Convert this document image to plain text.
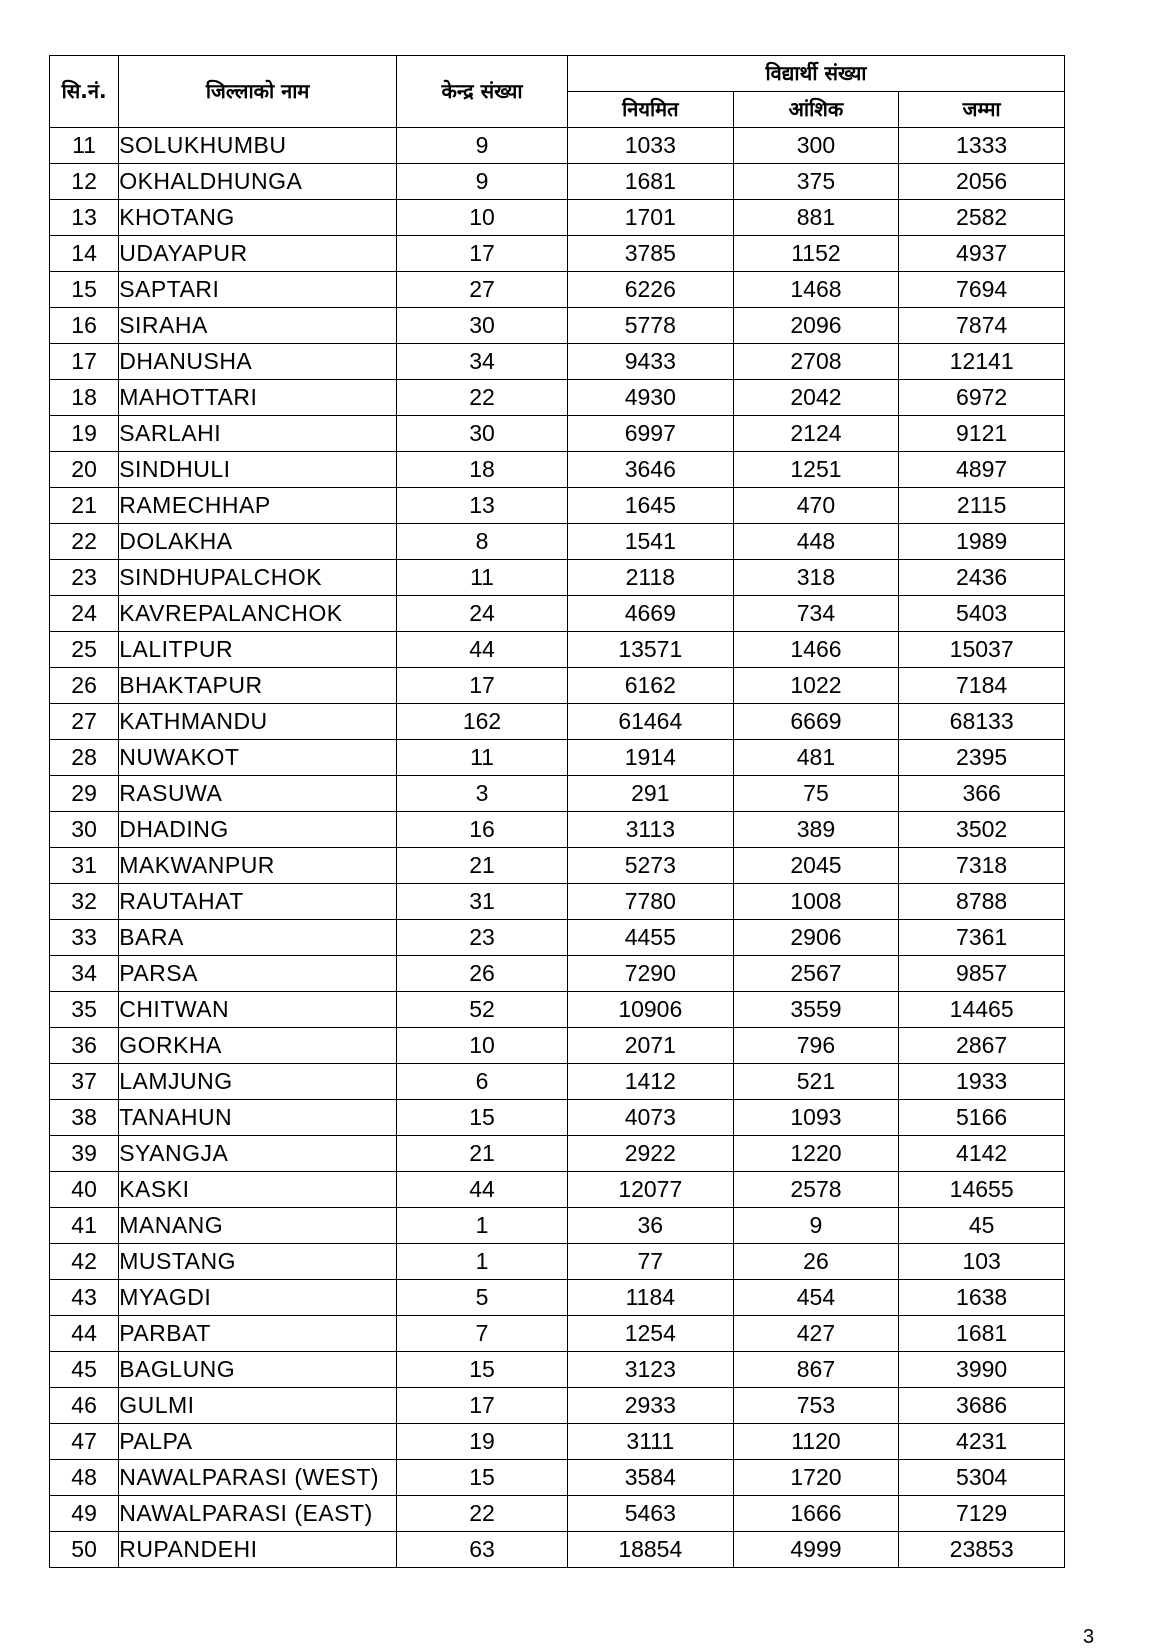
सि.नं.	जिल्लाको नाम	केन्द्र संख्या	विद्यार्थी संख्या		
			नियमित	आंशिक	जम्मा
11	SOLUKHUMBU	9	1033	300	1333
12	OKHALDHUNGA	9	1681	375	2056
13	KHOTANG	10	1701	881	2582
14	UDAYAPUR	17	3785	1152	4937
15	SAPTARI	27	6226	1468	7694
16	SIRAHA	30	5778	2096	7874
17	DHANUSHA	34	9433	2708	12141
18	MAHOTTARI	22	4930	2042	6972
19	SARLAHI	30	6997	2124	9121
20	SINDHULI	18	3646	1251	4897
21	RAMECHHAP	13	1645	470	2115
22	DOLAKHA	8	1541	448	1989
23	SINDHUPALCHOK	11	2118	318	2436
24	KAVREPALANCHOK	24	4669	734	5403
25	LALITPUR	44	13571	1466	15037
26	BHAKTAPUR	17	6162	1022	7184
27	KATHMANDU	162	61464	6669	68133
28	NUWAKOT	11	1914	481	2395
29	RASUWA	3	291	75	366
30	DHADING	16	3113	389	3502
31	MAKWANPUR	21	5273	2045	7318
32	RAUTAHAT	31	7780	1008	8788
33	BARA	23	4455	2906	7361
34	PARSA	26	7290	2567	9857
35	CHITWAN	52	10906	3559	14465
36	GORKHA	10	2071	796	2867
37	LAMJUNG	6	1412	521	1933
38	TANAHUN	15	4073	1093	5166
39	SYANGJA	21	2922	1220	4142
40	KASKI	44	12077	2578	14655
41	MANANG	1	36	9	45
42	MUSTANG	1	77	26	103
43	MYAGDI	5	1184	454	1638
44	PARBAT	7	1254	427	1681
45	BAGLUNG	15	3123	867	3990
46	GULMI	17	2933	753	3686
47	PALPA	19	3111	1120	4231
48	NAWALPARASI (WEST)	15	3584	1720	5304
49	NAWALPARASI (EAST)	22	5463	1666	7129
50	RUPANDEHI	63	18854	4999	23853
3
